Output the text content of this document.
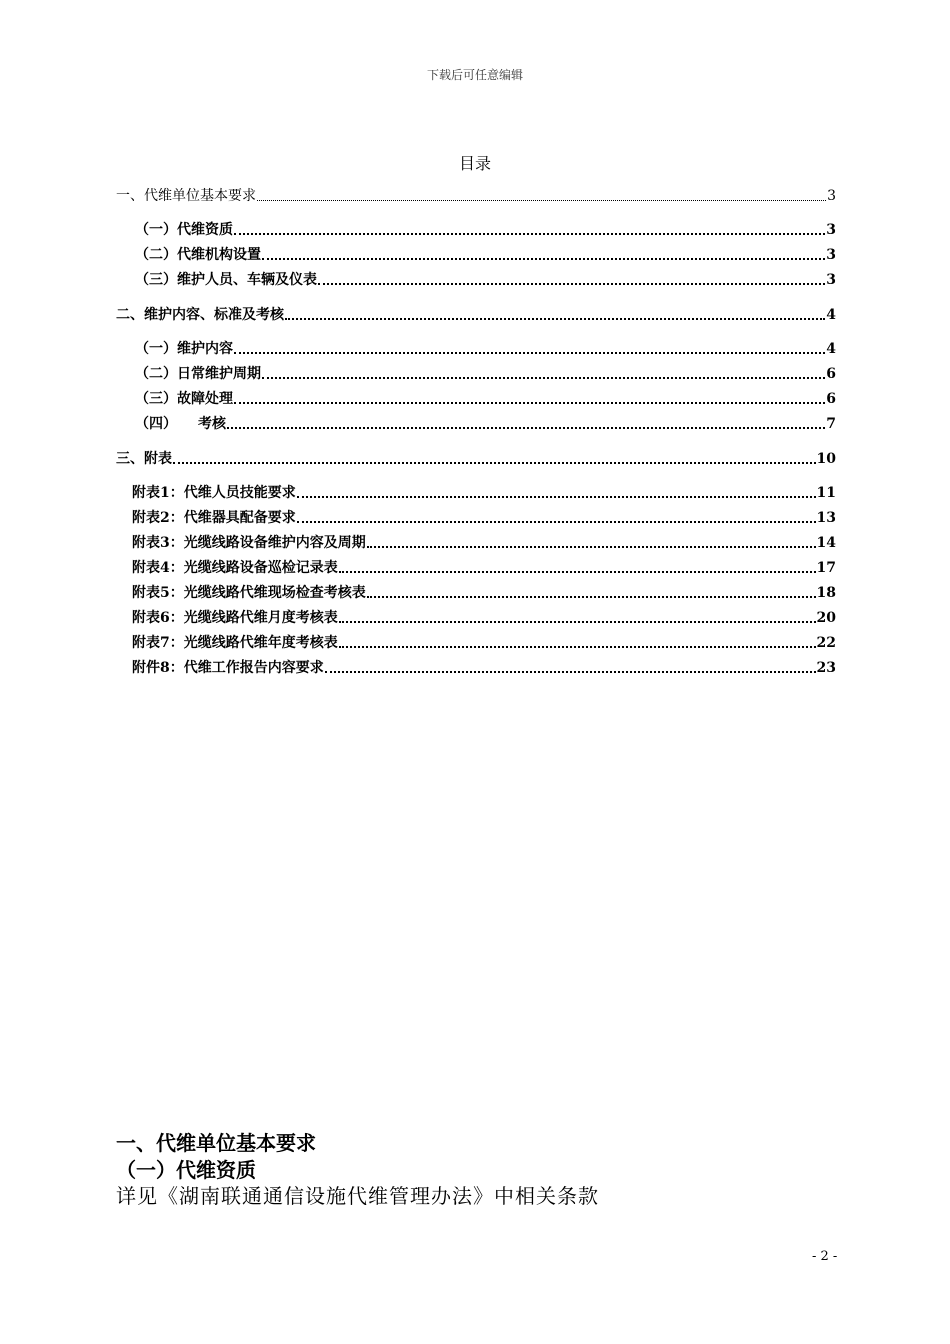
下载后可任意编辑
目录
一、代维单位基本要求	3
（一）代维资质	3
（二）代维机构设置	3
（三）维护人员、车辆及仪表	3
二、维护内容、标准及考核	4
（一）维护内容	4
（二）日常维护周期	6
（三）故障处理	6
（四）　　考核	7
三、附表	10
附表1：代维人员技能要求	11
附表2：代维器具配备要求	13
附表3：光缆线路设备维护内容及周期	14
附表4：光缆线路设备巡检记录表	17
附表5：光缆线路代维现场检查考核表	18
附表6：光缆线路代维月度考核表	20
附表7：光缆线路代维年度考核表	22
附件8：代维工作报告内容要求	23
一、代维单位基本要求
（一）代维资质
详见《湖南联通通信设施代维管理办法》中相关条款
- 2 -
